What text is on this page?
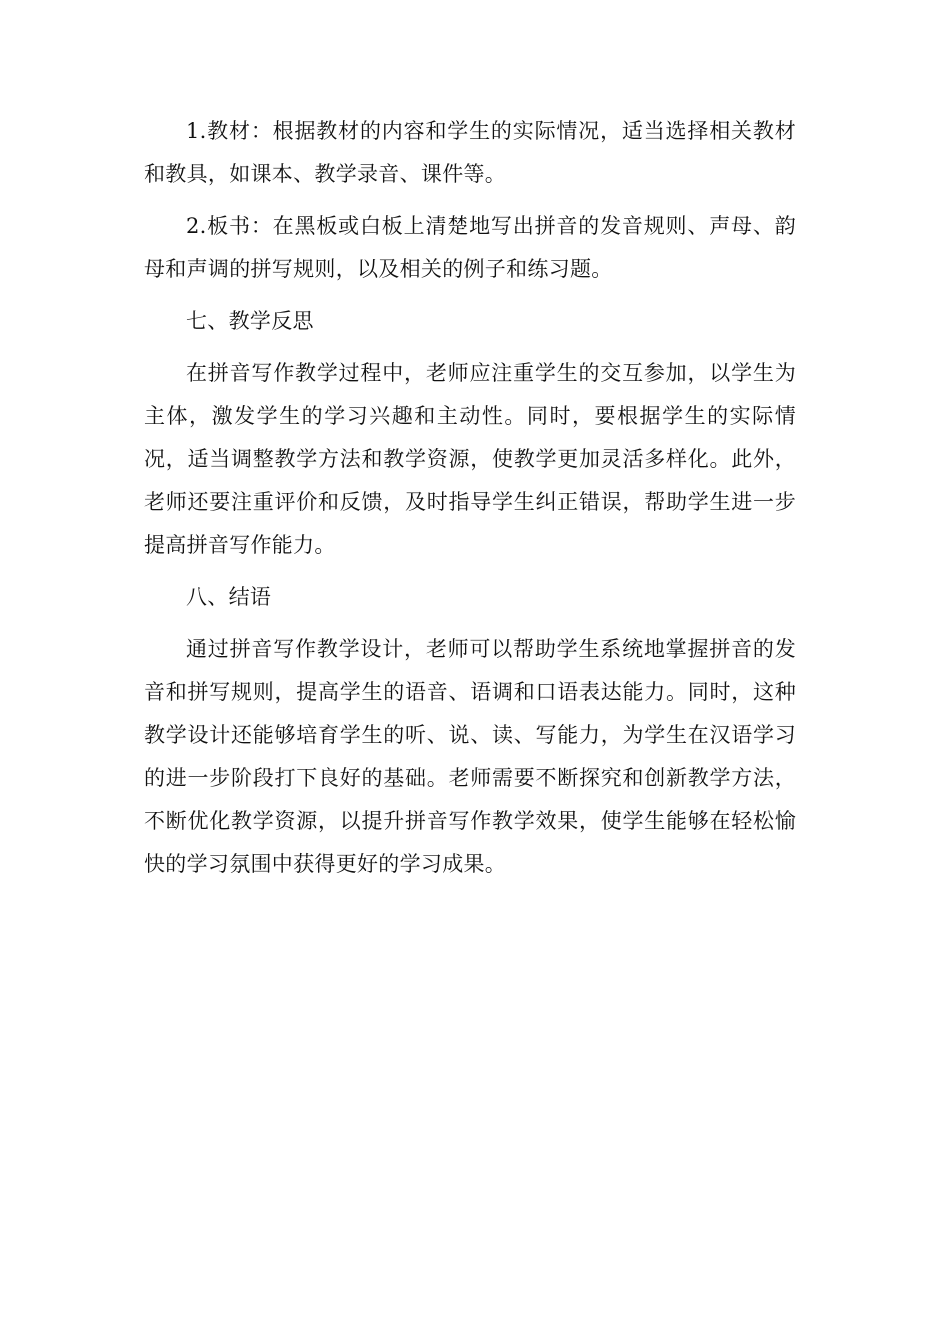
1.教材：根据教材的内容和学生的实际情况，适当选择相关教材和教具，如课本、教学录音、课件等。

2.板书：在黑板或白板上清楚地写出拼音的发音规则、声母、韵母和声调的拼写规则，以及相关的例子和练习题。

七、教学反思

在拼音写作教学过程中，老师应注重学生的交互参加，以学生为主体，激发学生的学习兴趣和主动性。同时，要根据学生的实际情况，适当调整教学方法和教学资源，使教学更加灵活多样化。此外，老师还要注重评价和反馈，及时指导学生纠正错误，帮助学生进一步提高拼音写作能力。

八、结语

通过拼音写作教学设计，老师可以帮助学生系统地掌握拼音的发音和拼写规则，提高学生的语音、语调和口语表达能力。同时，这种教学设计还能够培育学生的听、说、读、写能力，为学生在汉语学习的进一步阶段打下良好的基础。老师需要不断探究和创新教学方法，不断优化教学资源，以提升拼音写作教学效果，使学生能够在轻松愉快的学习氛围中获得更好的学习成果。
